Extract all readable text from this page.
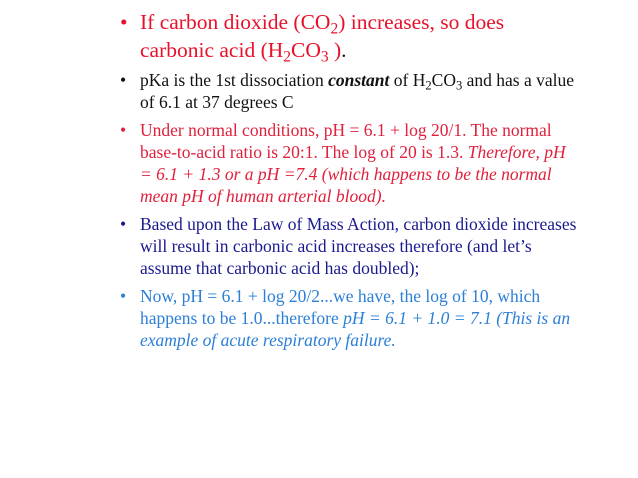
• If carbon dioxide $(CO_2)$ increases, so does carbonic acid ($H_2CO_3$ ).
• pKa is the 1st dissociation constant of $H_2CO_3$ and has a value of 6.1 at 37 degrees C
• Under normal conditions, pH = 6.1 + log 20/1. The normal base-to-acid ratio is 20:1. The log of 20 is 1.3. Therefore, pH = 6.1 + 1.3 or a pH =7.4 (which happens to be the normal mean pH of human arterial blood).
• Based upon the Law of Mass Action, carbon dioxide increases will result in carbonic acid increases therefore (and let’s assume that carbonic acid has doubled);
• Now, pH = 6.1 + log 20/2...we have, the log of 10, which happens to be 1.0...therefore pH = 6.1 + 1.0 = 7.1 (This is an example of acute respiratory failure.
